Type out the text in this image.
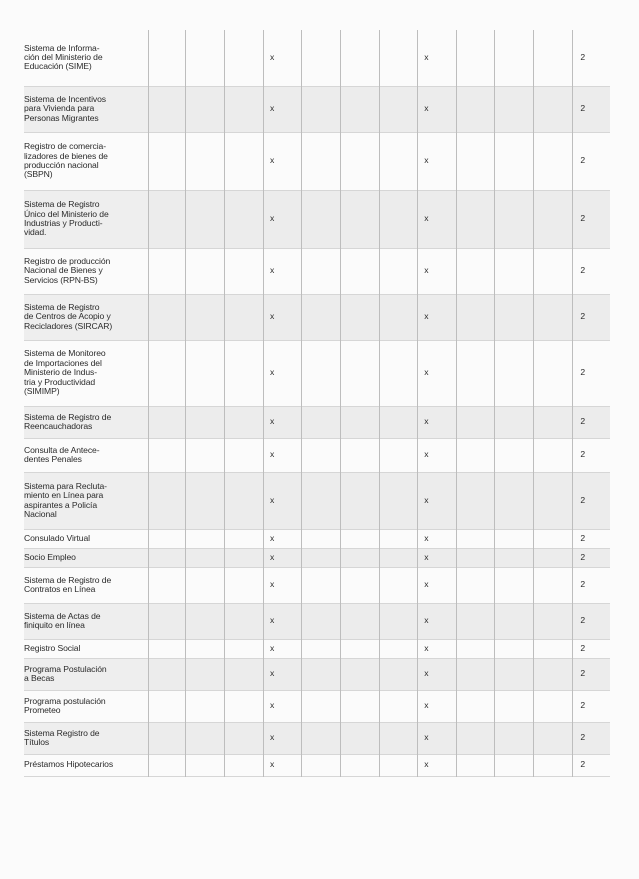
Sistema de Informa-
ción del Ministerio de
Educación (SIME)				x				x				2
Sistema de Incentivos
para Vivienda para
Personas Migrantes				x				x				2
Registro de comercia-
lizadores de bienes de
producción nacional
(SBPN)				x				x				2
Sistema de Registro
Único del Ministerio de
Industrias y Producti-
vidad.				x				x				2
Registro de producción
Nacional de Bienes y
Servicios (RPN-BS)				x				x				2
Sistema de Registro
de Centros de Acopio y
Recicladores (SIRCAR)				x				x				2
Sistema de Monitoreo
de Importaciones del
Ministerio de Indus-
tria y Productividad
(SIMIMP)				x				x				2
Sistema de Registro de
Reencauchadoras				x				x				2
Consulta de Antece-
dentes Penales				x				x				2
Sistema para Recluta-
miento en Línea para
aspirantes a Policía
Nacional				x				x				2
Consulado Virtual				x				x				2
Socio Empleo				x				x				2
Sistema de Registro de
Contratos en Línea				x				x				2
Sistema de Actas de
finiquito en línea				x				x				2
Registro Social				x				x				2
Programa Postulación
a Becas				x				x				2
Programa postulación
Prometeo				x				x				2
Sistema Registro de
Títulos				x				x				2
Préstamos Hipotecarios				x				x				2
